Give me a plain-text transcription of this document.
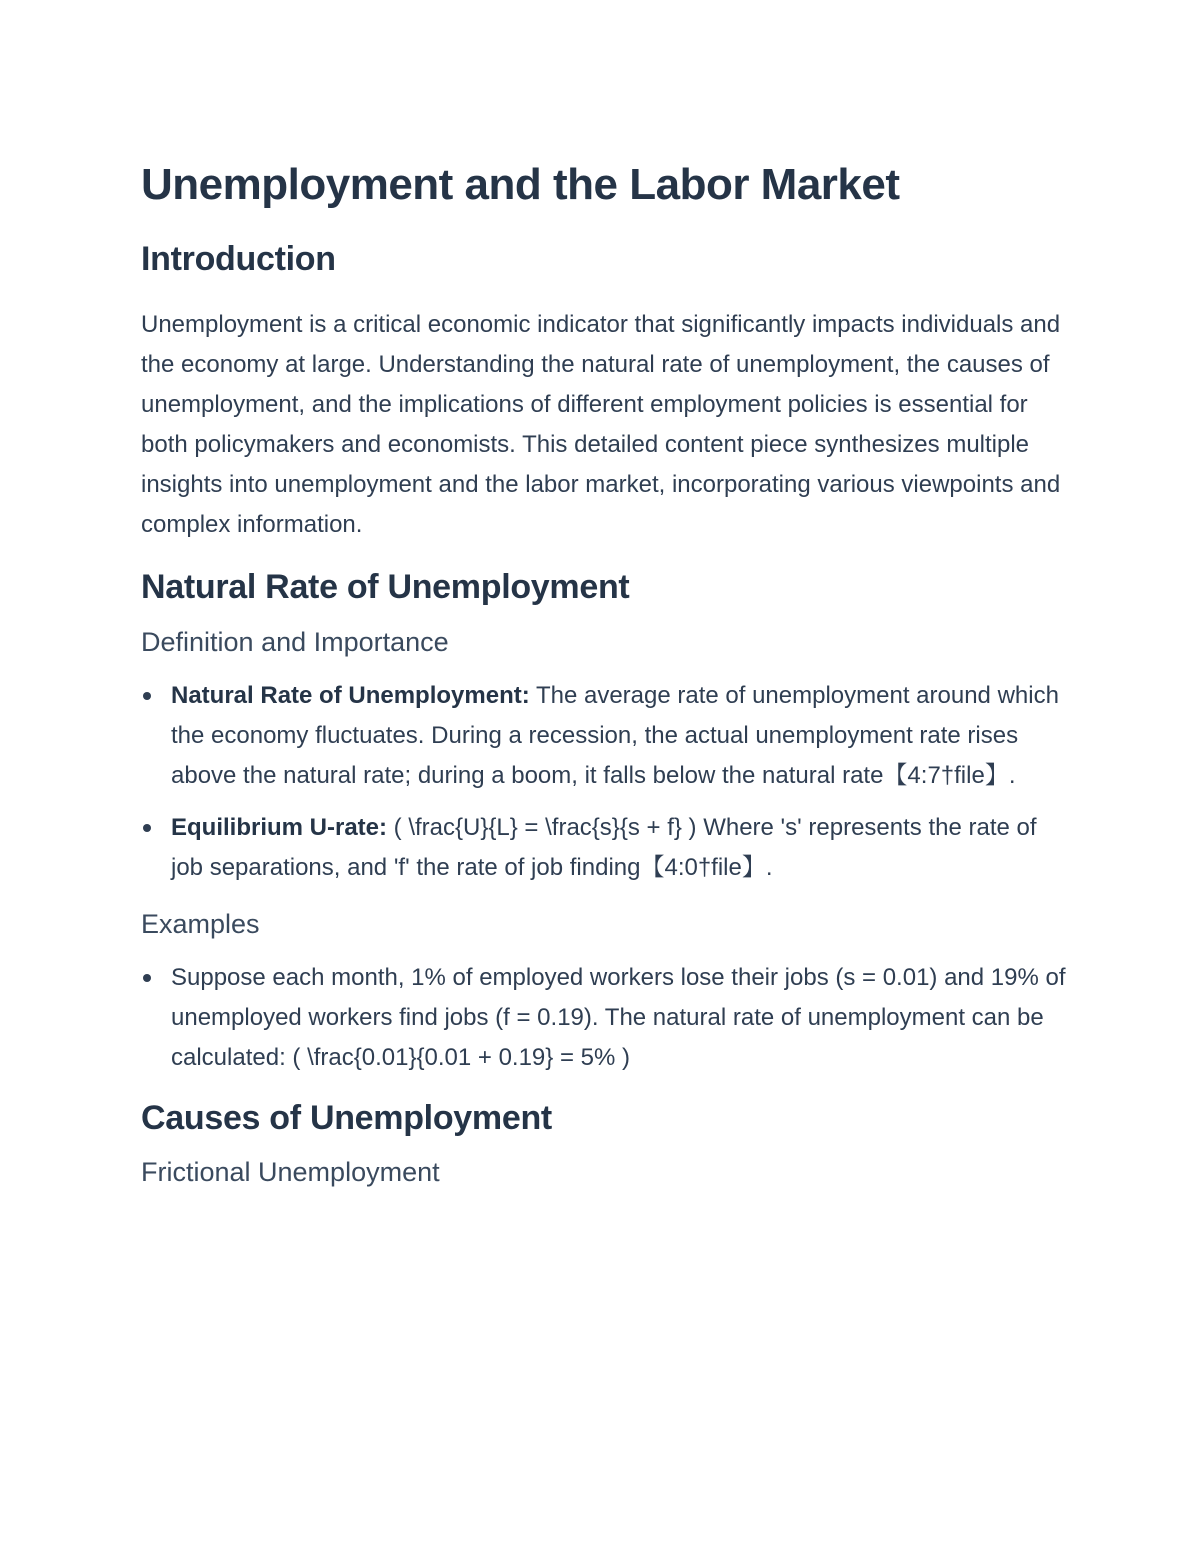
Unemployment and the Labor Market
Introduction

Unemployment is a critical economic indicator that significantly impacts individuals and the economy at large. Understanding the natural rate of unemployment, the causes of unemployment, and the implications of different employment policies is essential for both policymakers and economists. This detailed content piece synthesizes multiple insights into unemployment and the labor market, incorporating various viewpoints and complex information.

Natural Rate of Unemployment
Definition and Importance
Natural Rate of Unemployment: The average rate of unemployment around which the economy fluctuates. During a recession, the actual unemployment rate rises above the natural rate; during a boom, it falls below the natural rate【4:7†file】.
Equilibrium U-rate: ( \frac{U}{L} = \frac{s}{s + f} ) Where 's' represents the rate of job separations, and 'f' the rate of job finding【4:0†file】.
Examples
Suppose each month, 1% of employed workers lose their jobs (s = 0.01) and 19% of unemployed workers find jobs (f = 0.19). The natural rate of unemployment can be calculated: ( \frac{0.01}{0.01 + 0.19} = 5% )
Causes of Unemployment
Frictional Unemployment
